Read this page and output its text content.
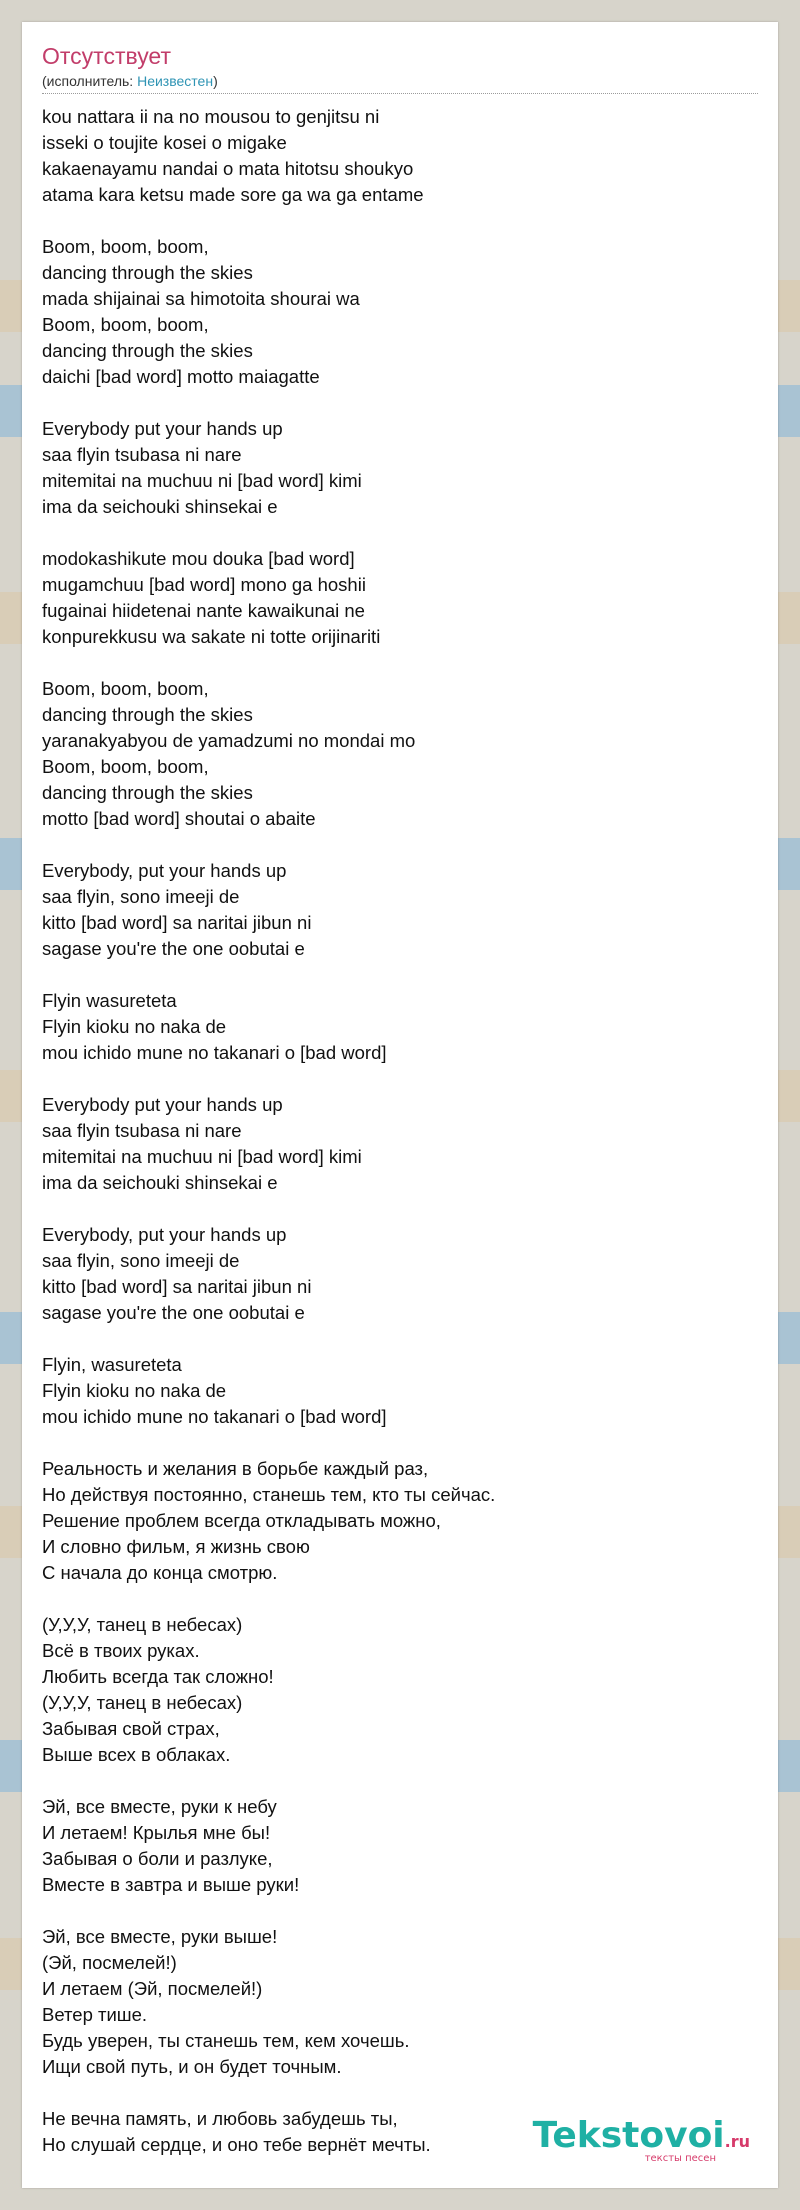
Отсутствует
(исполнитель: Неизвестен)
kou nattara ii na no mousou to genjitsu ni
isseki o toujite kosei o migake
kakaenayamu nandai o mata hitotsu shoukyo
atama kara ketsu made sore ga wa ga entame
Boom, boom, boom,
dancing through the skies
mada shijainai sa himotoita shourai wa
Boom, boom, boom,
dancing through the skies
daichi [bad word] motto maiagatte
Everybody put your hands up
saa flyin tsubasa ni nare
mitemitai na muchuu ni [bad word] kimi
ima da seichouki shinsekai e
modokashikute mou douka [bad word]
mugamchuu [bad word] mono ga hoshii
fugainai hiidetenai nante kawaikunai ne
konpurekkusu wa sakate ni totte orijinariti
Boom, boom, boom,
dancing through the skies
yaranakyabyou de yamadzumi no mondai mo
Boom, boom, boom,
dancing through the skies
motto [bad word] shoutai o abaite
Everybody, put your hands up
saa flyin, sono imeeji de
kitto [bad word] sa naritai jibun ni
sagase you're the one oobutai e
Flyin wasureteta
Flyin kioku no naka de
mou ichido mune no takanari o [bad word]
Everybody put your hands up
saa flyin tsubasa ni nare
mitemitai na muchuu ni [bad word] kimi
ima da seichouki shinsekai e
Everybody, put your hands up
saa flyin, sono imeeji de
kitto [bad word] sa naritai jibun ni
sagase you're the one oobutai e
Flyin, wasureteta
Flyin kioku no naka de
mou ichido mune no takanari o [bad word]
Реальность и желания в борьбе каждый раз,
Но действуя постоянно, станешь тем, кто ты сейчас.
Решение проблем всегда откладывать можно,
И словно фильм, я жизнь свою
С начала до конца смотрю.
(У,У,У, танец в небесах)
Всё в твоих руках.
Любить всегда так сложно!
(У,У,У, танец в небесах)
Забывая свой страх,
Выше всех в облаках.
Эй, все вместе, руки к небу
И летаем! Крылья мне бы!
Забывая о боли и разлуке,
Вместе в завтра и выше руки!
Эй, все вместе, руки выше!
(Эй, посмелей!)
И летаем (Эй, посмелей!)
Ветер тише.
Будь уверен, ты станешь тем, кем хочешь.
Ищи свой путь, и он будет точным.
Не вечна память, и любовь забудешь ты,
Но слушай сердце, и оно тебе вернёт мечты.	Tekstovoi.ru
тексты песен
